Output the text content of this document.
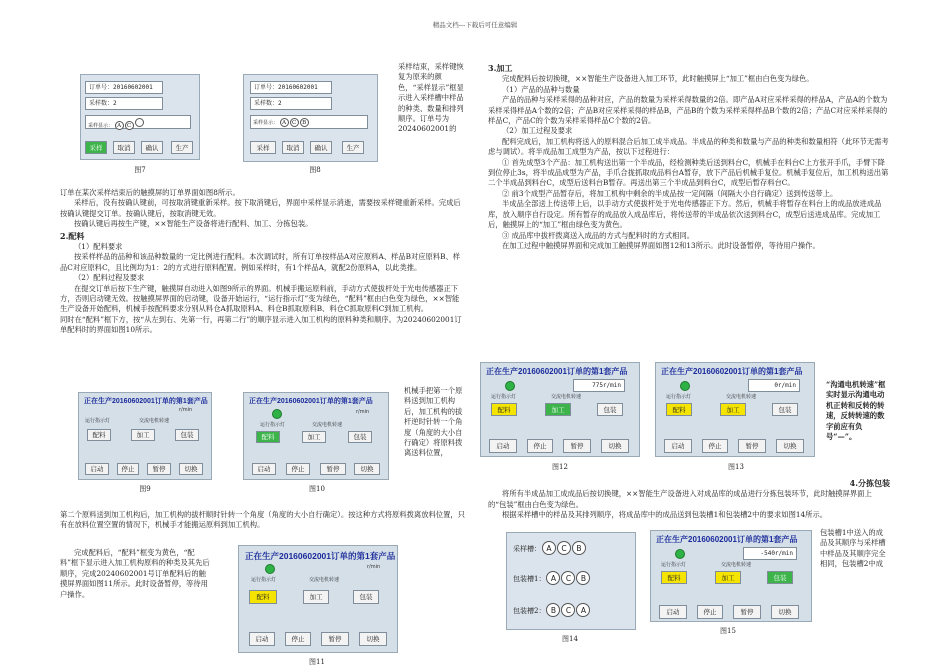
精品文档---下载后可任意编辑
订单号：20160602001
采样数：2
采样显示： A C
采样	取消	确认	生产
图7
订单号：20160602001
采样数：2
采样显示： A C B
采样	取消	确认	生产
图8
采样结束，采样键恢复为原来的颜色，“采样显示”框显示进入采样槽中样品的种类、数量和排列顺序。订单号为20240602001的

订单在某次采样结束后的触摸屏的订单界面如图8所示。

采样后，没有按确认键前，可按取消键重新采样。按下取消键后，界面中采样显示消逝，需要按采样键重新采样。完成后按确认键提交订单。按确认键后，按取消键无效。

按确认键后再按生产键，××智能生产设备将进行配料、加工、分拣包装。

2.配料

（1）配料要求

按采样样品的品种和该品种数量的一定比例进行配料。本次调试时，所有订单按样品A对应原料A、样品B对应原料B、样品C对应原料C，且比例均为1：2的方式进行原料配置。例如采样时，有1个样品A，就配2份原料A，以此类推。

（2）配料过程及要求

在提交订单后按下生产键，触摸屏自动进入如图9所示的界面。机械手搬运原料前，手动方式使拔杆处于光电传感器正下方，否则启动键无效。按触摸屏界面的启动键，设备开始运行，“运行指示灯”变为绿色，“配料”框由白色变为绿色，××智能生产设备开始配料，机械手按配料要求分别从料仓A抓取原料A、料仓B抓取原料B、料仓C抓取原料C到加工机构。

同时在“配料”框下方，按“从左到右、先第一行，再第二行”的顺序显示进入加工机构的原料种类和顺序。为20240602001订单配料时的界面如图10所示。

正在生产20160602001订单的第1套产品
运行指示灯	交流电机转速
r/min
配料	加工	包装
启动	停止	暂停	切换
图9
正在生产20160602001订单的第1套产品
运行指示灯	交流电机转速
r/min
配料	加工	包装
启动	停止	暂停	切换
图10
机械手把第一个原料送到加工机构后，加工机构的拔杆逆时针转一个角度（角度的大小自行确定）将原料拨离送料位置，

第二个原料送到加工机构后，加工机构的拔杆顺时针转一个角度（角度的大小自行确定）。按这种方式将原料拨离放料位置，只有在放料位置空置的情况下，机械手才能搬运原料到加工机构。

完成配料后，“配料”框变为黄色，“配料”框下显示进入加工机构原料的种类及其先后顺序，完成20240602001号订单配料后的触摸屏界面如图11所示。此时设备暂停，等待用户操作。

正在生产20160602001订单的第1套产品
运行指示灯	交流电机转速
r/min
配料	加工	包装
启动	停止	暂停	切换
图11
3.加工

完成配料后按切换键，××智能生产设备进入加工环节，此时触摸屏上“加工”框由白色变为绿色。

（1）产品的品种与数量

产品的品种与采样采得的品种对应，产品的数量为采样采得数量的2倍。即产品A对应采样采得的样品A，产品A的个数为采样采得样品A个数的2倍；产品B对应采样采得的样品B，产品B的个数为采样采得样品B个数的2倍；产品C对应采样采得的样品C，产品C的个数为采样采得样品C个数的2倍。

（2）加工过程及要求

配料完成后，加工机构将送入的原料混合后加工成半成品。半成品的种类和数量与产品的种类和数量相符（此环节无需考虑与调试）。将半成品加工成型为产品，按以下过程进行：

① 首先成型3个产品：加工机构送出第一个半成品，经检测种类后送到料台C，机械手在料台C上方张开手爪，手臂下降到位停止3s，将半成品成型为产品，手爪合拢抓取成品料台A暂存，放下产品后机械手复位。机械手复位后，加工机构送出第二个半成品到料台C，成型后送料台B暂存。再送出第三个半成品到料台C，成型后暂存料台C。

② 前3个成型产品暂存后，将加工机构中剩余的半成品按一定间隔（间隔大小自行确定）送到传送带上。

半成品全部送上传送带上后，以手动方式使拔杆处于光电传感器正下方。然后，机械手将暂存在料台上的成品放进成品库，放入顺序自行设定。所有暂存的成品放入成品库后，将传送带的半成品依次送到料台C，成型后送进成品库。完成加工后，触摸屏上的“加工”框由绿色变为黄色。

③ 成品库中拔杆拨离送入成品的方式与配料时的方式相同。

在加工过程中触摸屏界面和完成加工触摸屏界面如图12和13所示。此时设备暂停，等待用户操作。

正在生产20160602001订单的第1套产品
775r/min
运行指示灯	交流电机转速
配料	加工	包装
启动	停止	暂停	切换
图12
正在生产20160602001订单的第1套产品
0r/min
运行指示灯	交流电机转速
配料	加工	包装
启动	停止	暂停	切换
图13
“沟通电机转速”框实时显示沟通电动机正转和反转的转速，反转转速的数字前应有负号“—”。
4.分拣包装

将所有半成品加工成成品后按切换键，××智能生产设备进入对成品库的成品进行分拣包装环节，此时触摸屏界面上的“包装”框由白色变为绿色。

根据采样槽中的样品及其排列顺序，将成品库中的成品送到包装槽1和包装槽2中的要求如图14所示。

采样槽： A C B
包装槽1： A C B
包装槽2： B C A
图14
正在生产20160602001订单的第1套产品
-540r/min
运行指示灯	交流电机转速
配料	加工	包装
启动	停止	暂停	切换
图15
包装槽1中送入的成品及其顺序与采样槽中样品及其顺序完全相同，包装槽2中成
